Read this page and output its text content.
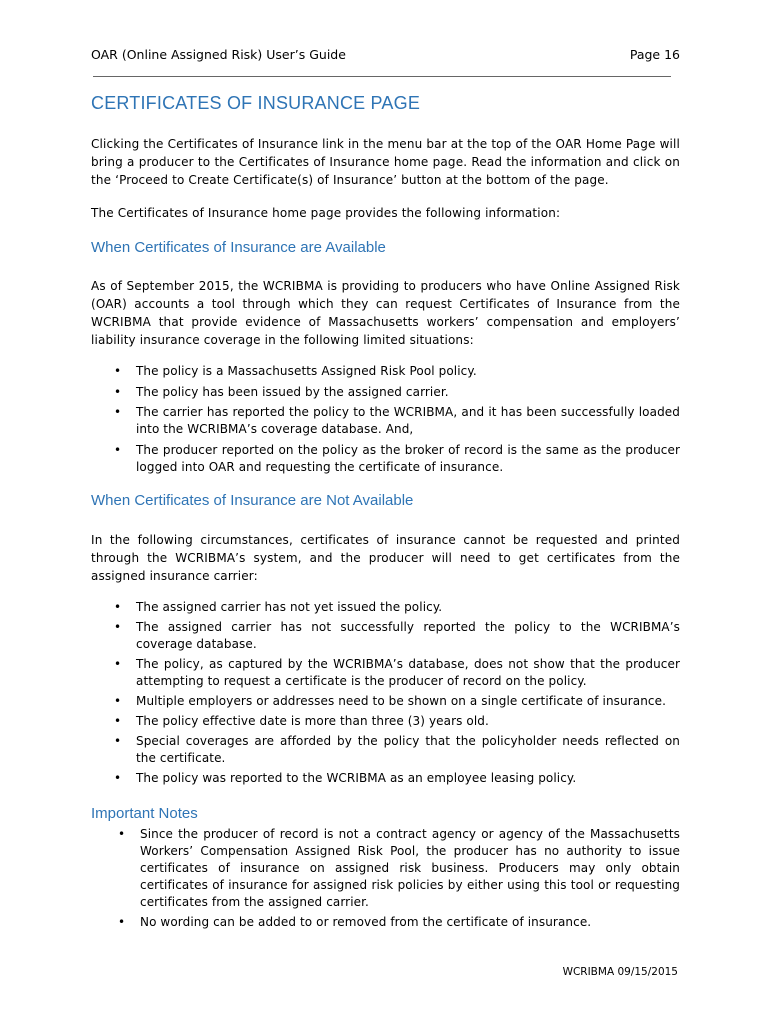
OAR (Online Assigned Risk) User’s Guide	Page 16
CERTIFICATES OF INSURANCE PAGE

Clicking the Certificates of Insurance link in the menu bar at the top of the OAR Home Page will bring a producer to the Certificates of Insurance home page. Read the information and click on the ‘Proceed to Create Certificate(s) of Insurance’ button at the bottom of the page.

The Certificates of Insurance home page provides the following information:

When Certificates of Insurance are Available

As of September 2015, the WCRIBMA is providing to producers who have Online Assigned Risk (OAR) accounts a tool through which they can request Certificates of Insurance from the WCRIBMA that provide evidence of Massachusetts workers’ compensation and employers’ liability insurance coverage in the following limited situations:

• The policy is a Massachusetts Assigned Risk Pool policy.
• The policy has been issued by the assigned carrier.
• The carrier has reported the policy to the WCRIBMA, and it has been successfully loaded into the WCRIBMA’s coverage database. And,
• The producer reported on the policy as the broker of record is the same as the producer logged into OAR and requesting the certificate of insurance.
When Certificates of Insurance are Not Available

In the following circumstances, certificates of insurance cannot be requested and printed through the WCRIBMA’s system, and the producer will need to get certificates from the assigned insurance carrier:

• The assigned carrier has not yet issued the policy.
• The assigned carrier has not successfully reported the policy to the WCRIBMA’s coverage database.
• The policy, as captured by the WCRIBMA’s database, does not show that the producer attempting to request a certificate is the producer of record on the policy.
• Multiple employers or addresses need to be shown on a single certificate of insurance.
• The policy effective date is more than three (3) years old.
• Special coverages are afforded by the policy that the policyholder needs reflected on the certificate.
• The policy was reported to the WCRIBMA as an employee leasing policy.
Important Notes
• Since the producer of record is not a contract agency or agency of the Massachusetts Workers’ Compensation Assigned Risk Pool, the producer has no authority to issue certificates of insurance on assigned risk business. Producers may only obtain certificates of insurance for assigned risk policies by either using this tool or requesting certificates from the assigned carrier.
• No wording can be added to or removed from the certificate of insurance.
WCRIBMA 09/15/2015
